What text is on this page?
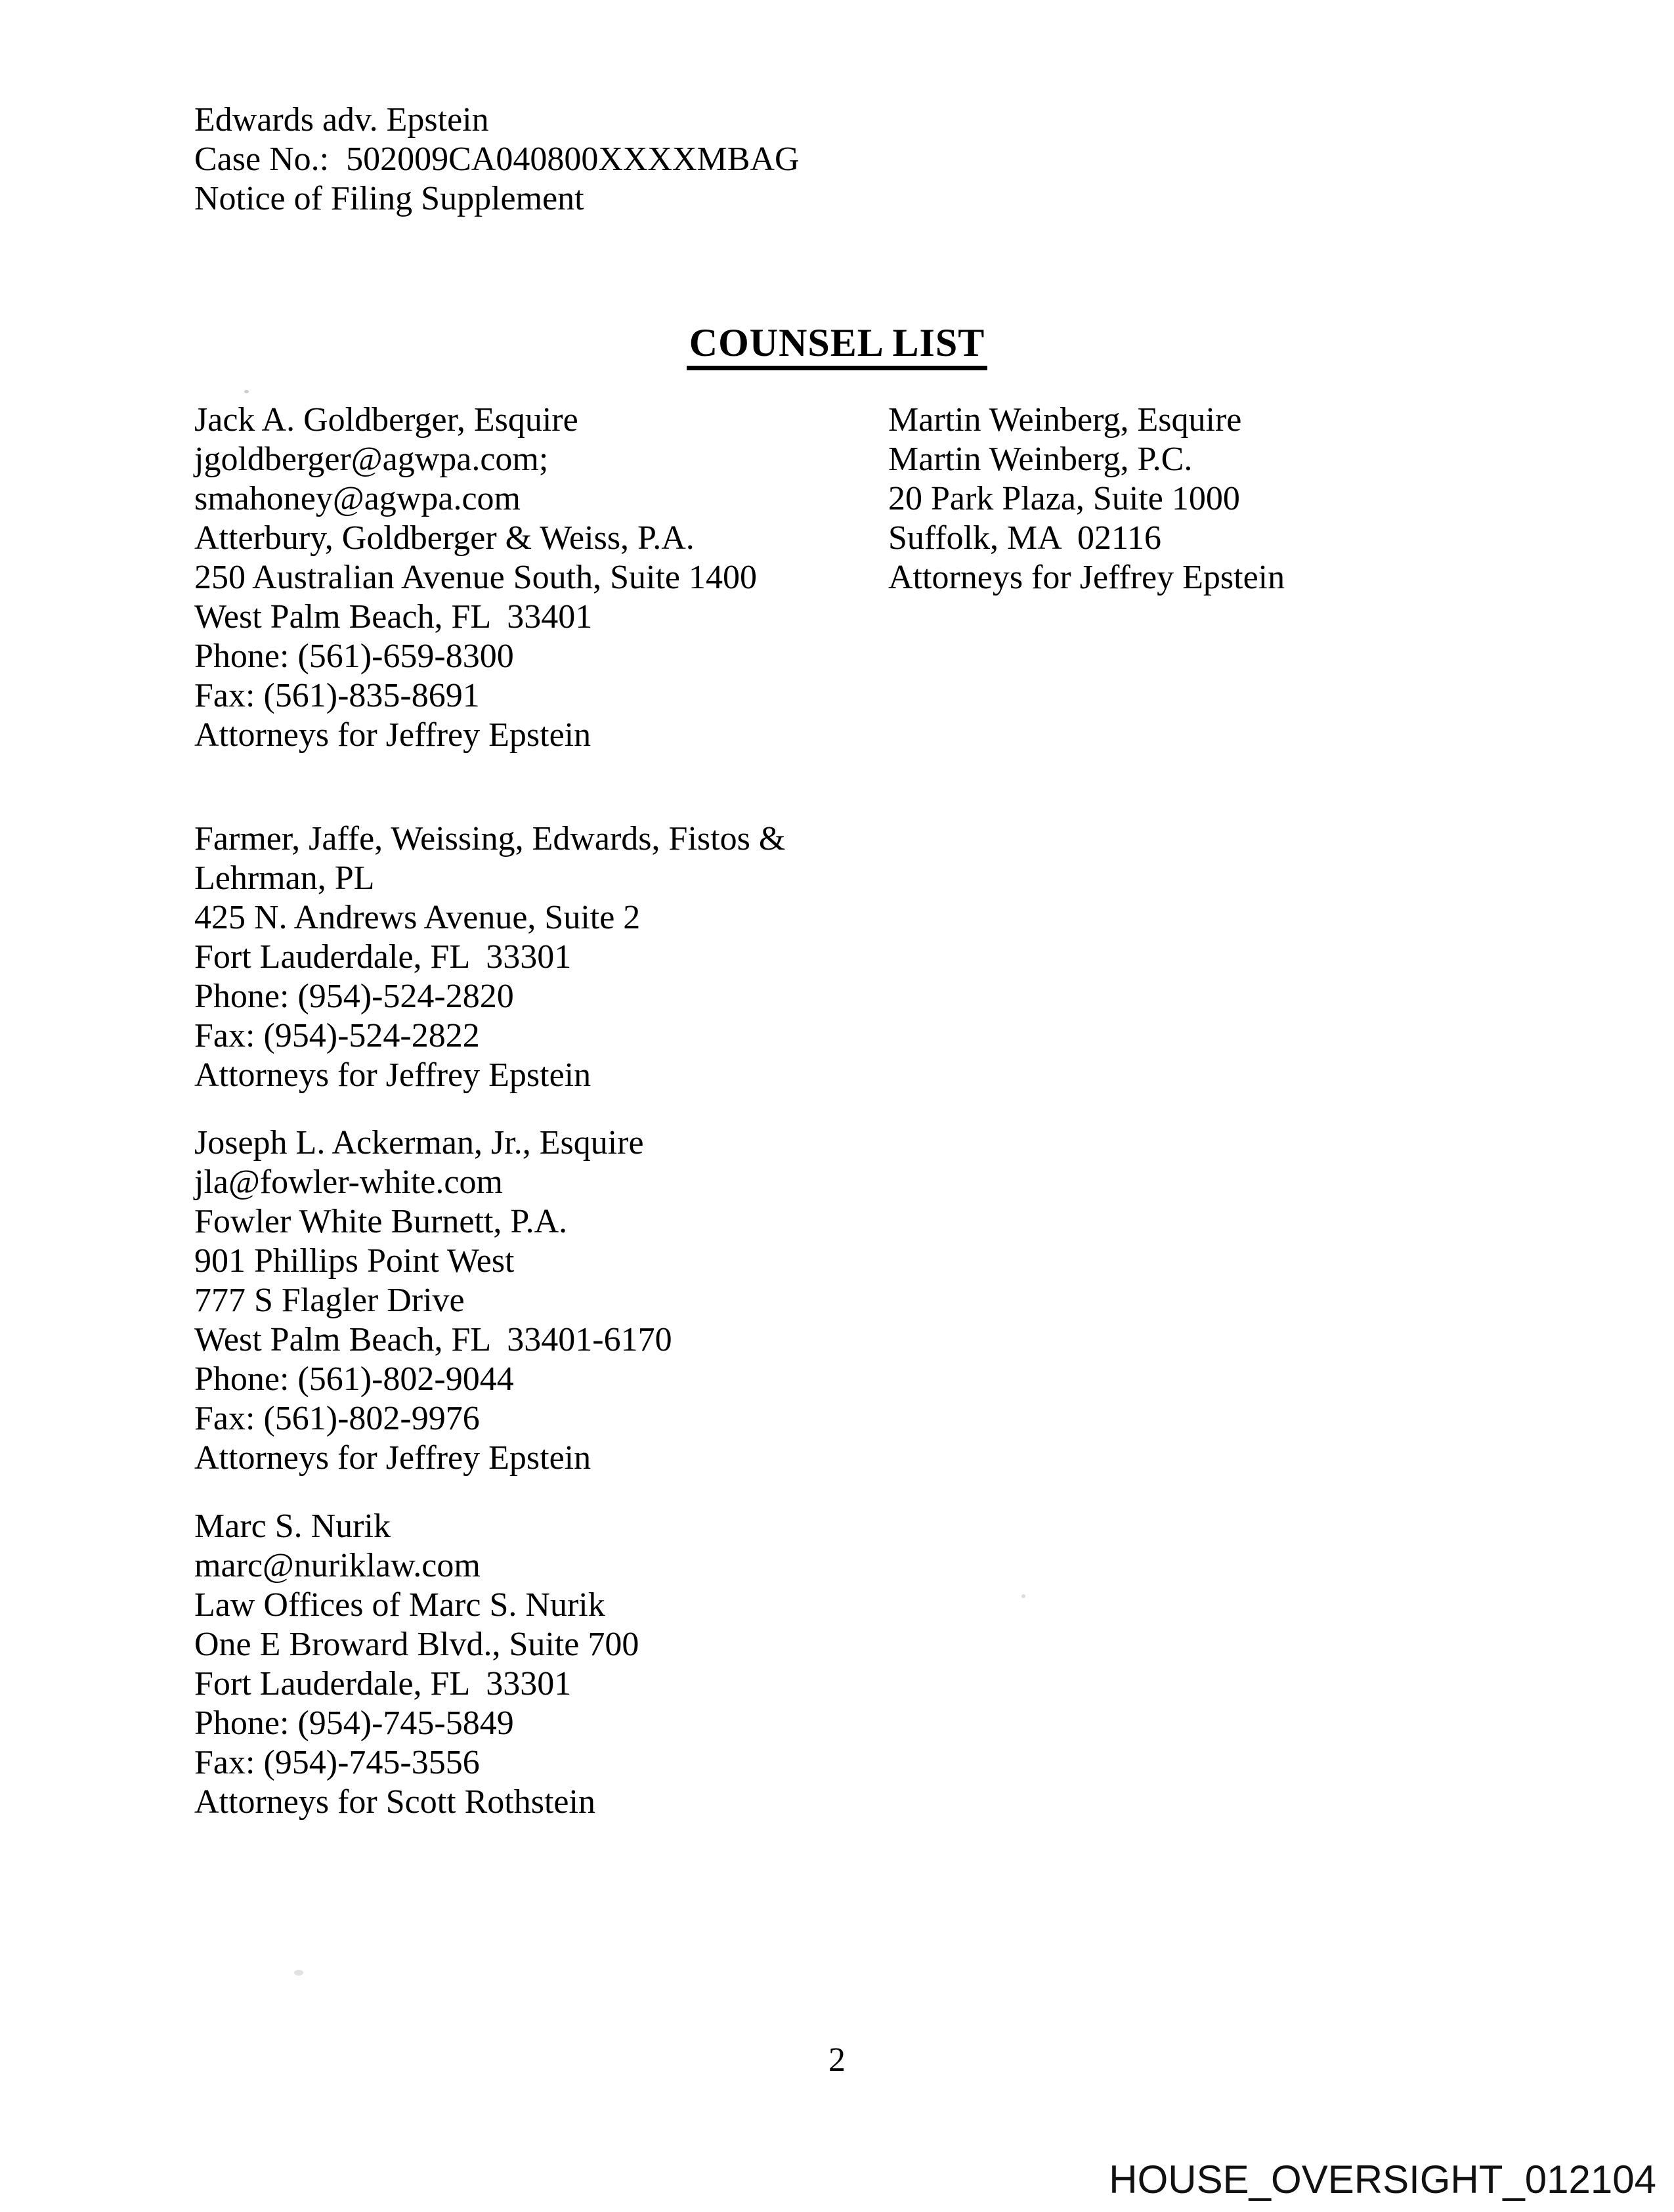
Edwards adv. Epstein
Case No.:  502009CA040800XXXXMBAG
Notice of Filing Supplement
COUNSEL LIST
Jack A. Goldberger, Esquire
jgoldberger@agwpa.com;
smahoney@agwpa.com
Atterbury, Goldberger & Weiss, P.A.
250 Australian Avenue South, Suite 1400
West Palm Beach, FL  33401
Phone: (561)-659-8300
Fax: (561)-835-8691
Attorneys for Jeffrey Epstein
Farmer, Jaffe, Weissing, Edwards, Fistos &
Lehrman, PL
425 N. Andrews Avenue, Suite 2
Fort Lauderdale, FL  33301
Phone: (954)-524-2820
Fax: (954)-524-2822
Attorneys for Jeffrey Epstein
Joseph L. Ackerman, Jr., Esquire
jla@fowler-white.com
Fowler White Burnett, P.A.
901 Phillips Point West
777 S Flagler Drive
West Palm Beach, FL  33401-6170
Phone: (561)-802-9044
Fax: (561)-802-9976
Attorneys for Jeffrey Epstein
Marc S. Nurik
marc@nuriklaw.com
Law Offices of Marc S. Nurik
One E Broward Blvd., Suite 700
Fort Lauderdale, FL  33301
Phone: (954)-745-5849
Fax: (954)-745-3556
Attorneys for Scott Rothstein
Martin Weinberg, Esquire
Martin Weinberg, P.C.
20 Park Plaza, Suite 1000
Suffolk, MA  02116
Attorneys for Jeffrey Epstein
2
HOUSE_OVERSIGHT_012104
